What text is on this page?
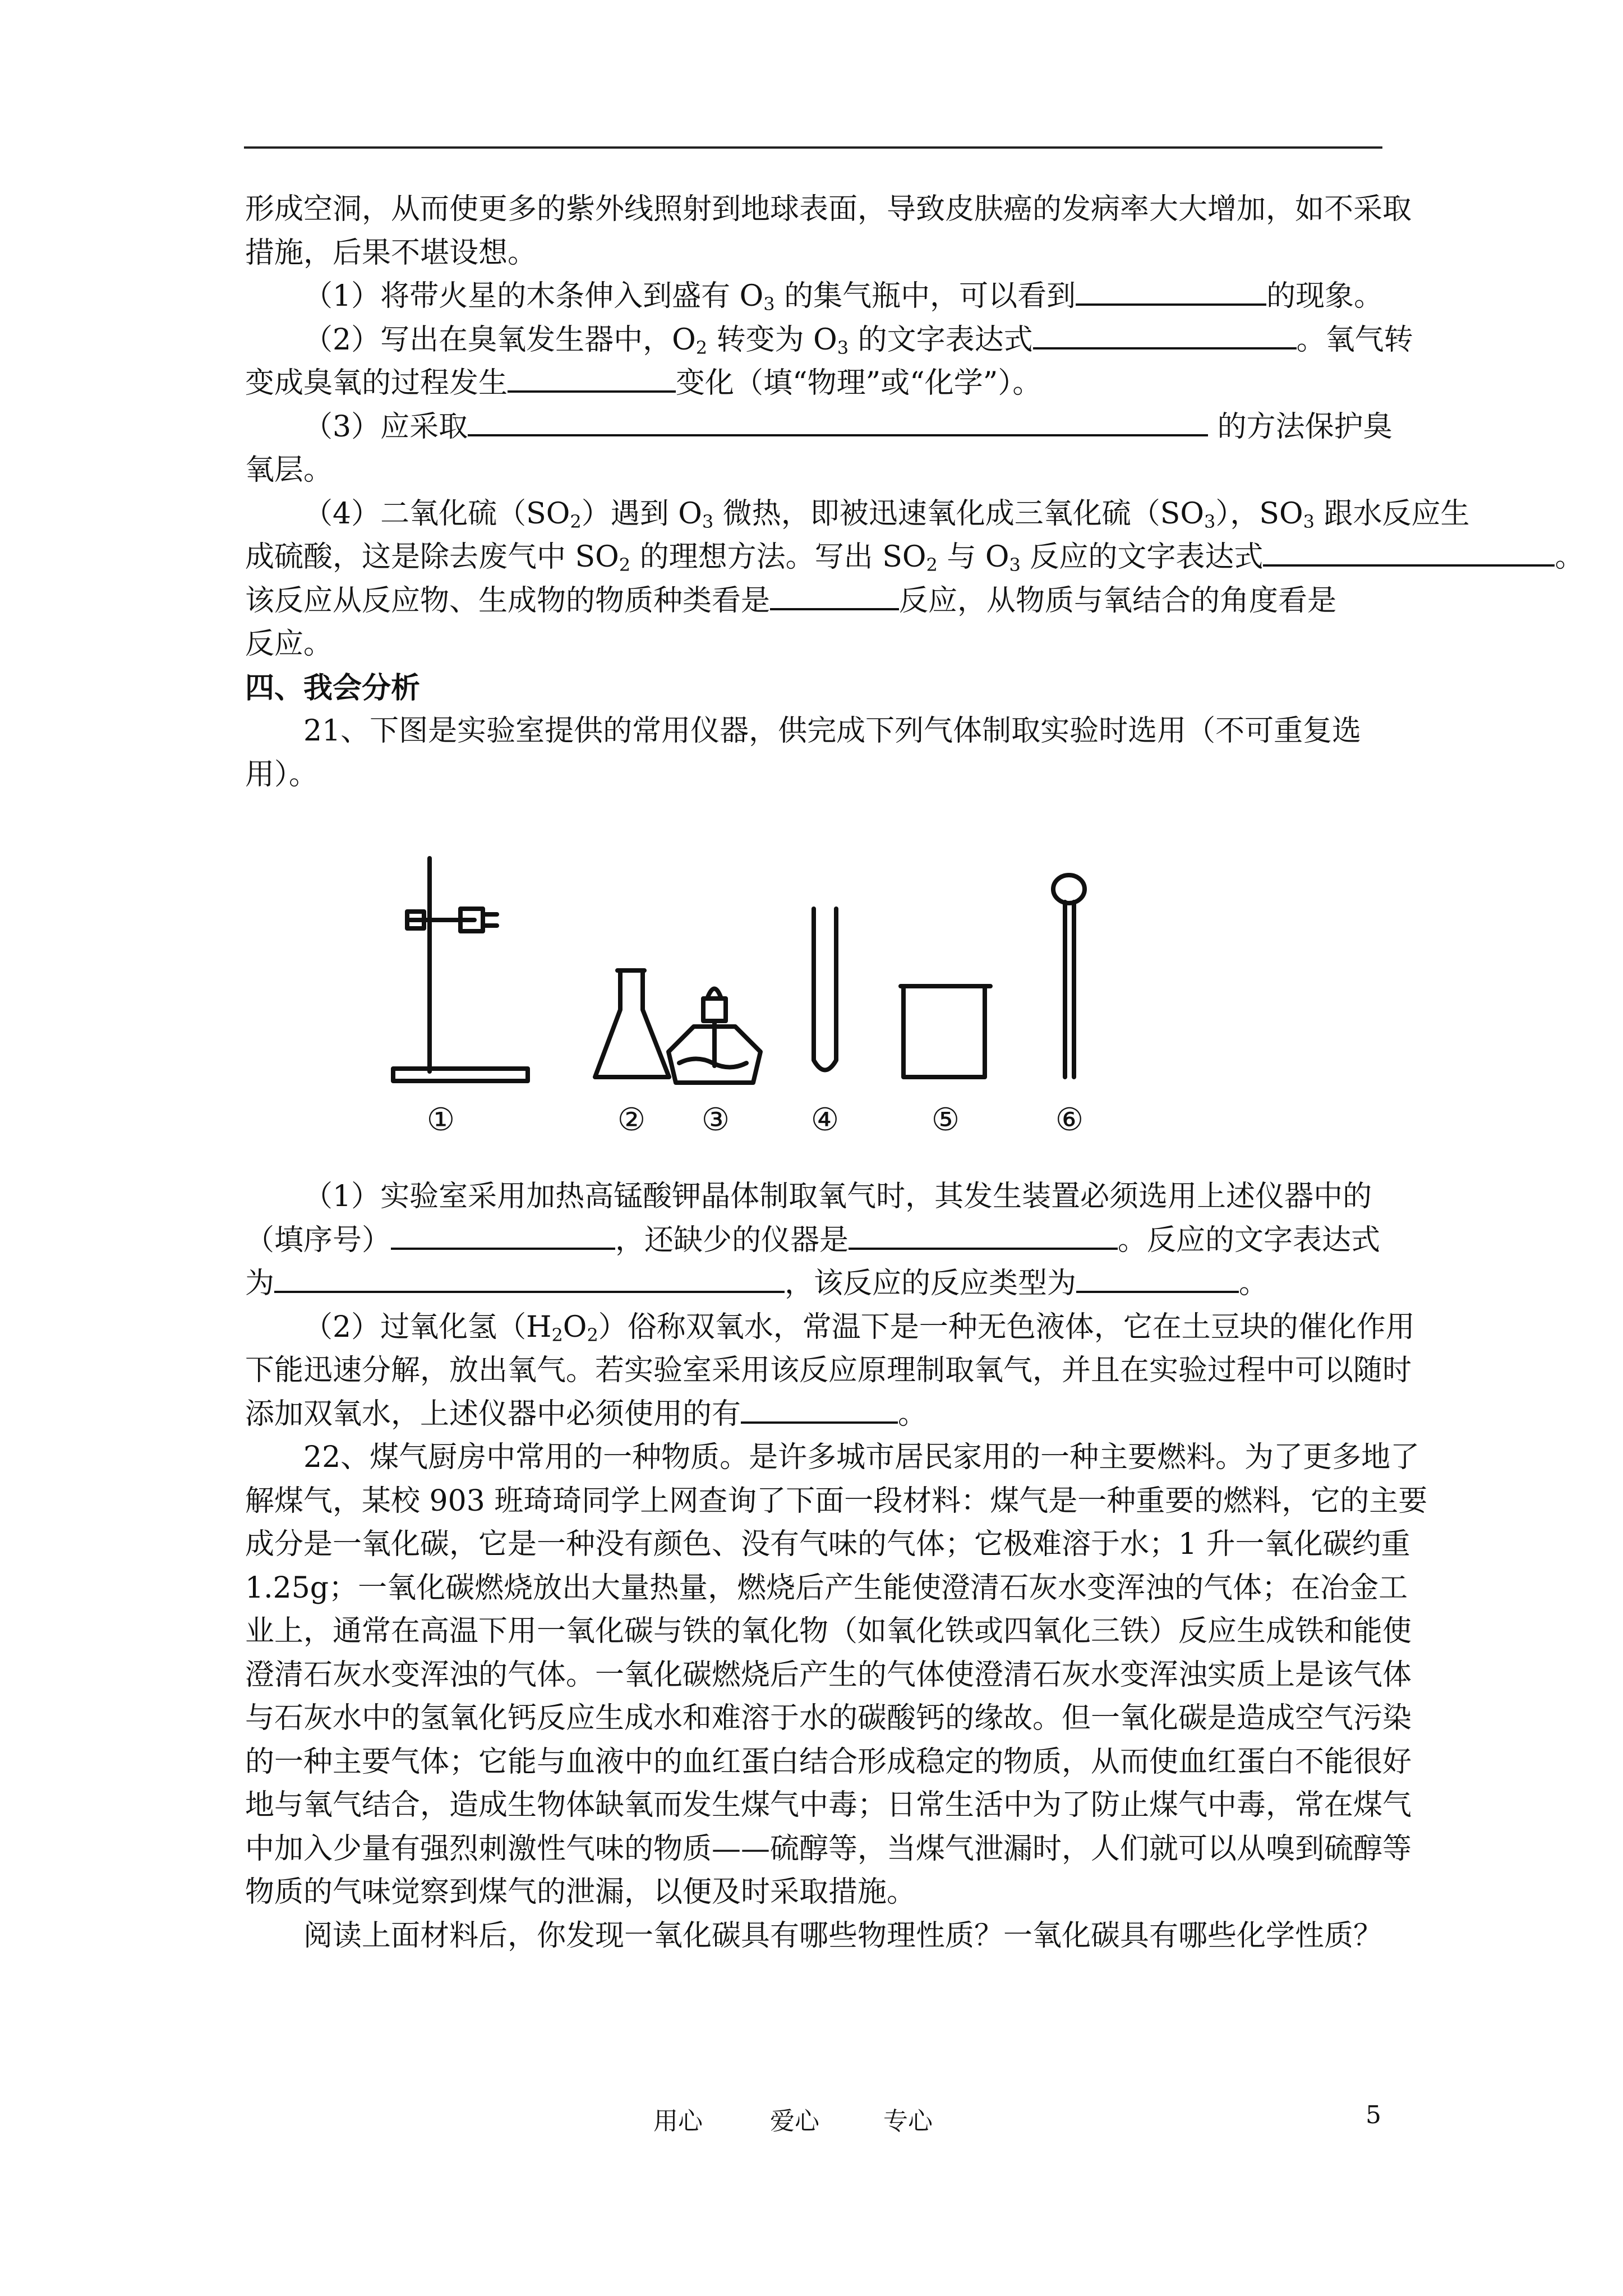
形成空洞，从而使更多的紫外线照射到地球表面，导致皮肤癌的发病率大大增加，如不采取

措施，后果不堪设想。

（1）将带火星的木条伸入到盛有 $O_3$ 的集气瓶中，可以看到	的现象。

（2）写出在臭氧发生器中，$O_2$ 转变为 $O_3$ 的文字表达式	。氧气转

变成臭氧的过程发生	变化（填“物理”或“化学”）。

（3）应采取	的方法保护臭

氧层。

（4）二氧化硫$(SO_2)$遇到 $O_3$ 微热，即被迅速氧化成三氧化硫$(SO_3)$，$SO_3$ 跟水反应生

成硫酸，这是除去废气中 $SO_2$ 的理想方法。写出 $SO_2$ 与 $O_3$ 反应的文字表达式	。

该反应从反应物、生成物的物质种类看是	反应，从物质与氧结合的角度看是

反应。

四、我会分析

21、下图是实验室提供的常用仪器，供完成下列气体制取实验时选用（不可重复选

用）。

①	② ③	④	⑤	⑥

（1）实验室采用加热高锰酸钾晶体制取氧气时，其发生装置必须选用上述仪器中的

（填序号）	，还缺少的仪器是	。反应的文字表达式

为	，该反应的反应类型为	。

（2）过氧化氢$(H_2O_2)$俗称双氧水，常温下是一种无色液体，它在土豆块的催化作用

下能迅速分解，放出氧气。若实验室采用该反应原理制取氧气，并且在实验过程中可以随时

添加双氧水，上述仪器中必须使用的有	。

22、煤气厨房中常用的一种物质。是许多城市居民家用的一种主要燃料。为了更多地了

解煤气，某校 903 班琦琦同学上网查询了下面一段材料：煤气是一种重要的燃料，它的主要

成分是一氧化碳，它是一种没有颜色、没有气味的气体；它极难溶于水；1 升一氧化碳约重

1.25g；一氧化碳燃烧放出大量热量，燃烧后产生能使澄清石灰水变浑浊的气体；在冶金工

业上，通常在高温下用一氧化碳与铁的氧化物（如氧化铁或四氧化三铁）反应生成铁和能使

澄清石灰水变浑浊的气体。一氧化碳燃烧后产生的气体使澄清石灰水变浑浊实质上是该气体

与石灰水中的氢氧化钙反应生成水和难溶于水的碳酸钙的缘故。但一氧化碳是造成空气污染

的一种主要气体；它能与血液中的血红蛋白结合形成稳定的物质，从而使血红蛋白不能很好

地与氧气结合，造成生物体缺氧而发生煤气中毒；日常生活中为了防止煤气中毒，常在煤气

中加入少量有强烈刺激性气味的物质——硫醇等，当煤气泄漏时，人们就可以从嗅到硫醇等

物质的气味觉察到煤气的泄漏，以便及时采取措施。

阅读上面材料后，你发现一氧化碳具有哪些物理性质？一氧化碳具有哪些化学性质？

用心	爱心	专心	5
